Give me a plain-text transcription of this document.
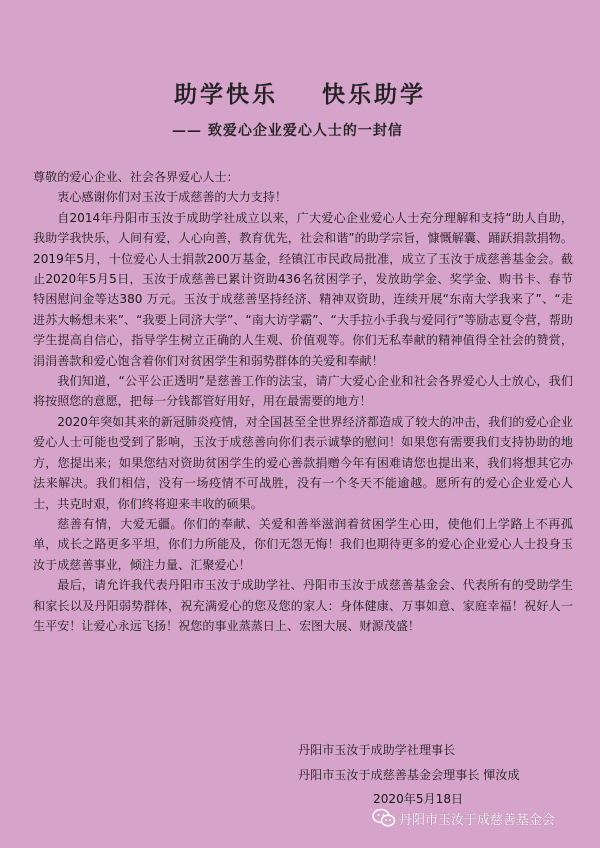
助学快乐    快乐助学
—— 致爱心企业爱心人士的一封信

尊敬的爱心企业、社会各界爱心人士：

衷心感谢你们对玉汝于成慈善的大力支持！

自2014年丹阳市玉汝于成助学社成立以来，广大爱心企业爱心人士充分理解和支持“助人自助，我助学我快乐，人间有爱，人心向善，教育优先，社会和谐”的助学宗旨，慷慨解囊、踊跃捐款捐物。2019年5月，十位爱心人士捐款200万基金，经镇江市民政局批准，成立了玉汝于成慈善基金会。截止2020年5月5日，玉汝于成慈善已累计资助436名贫困学子，发放助学金、奖学金、购书卡、春节特困慰问金等达380 万元。玉汝于成慈善坚持经济、精神双资助，连续开展“东南大学我来了”、“走进苏大畅想未来”、“我要上同济大学”、“南大访学霸”、“大手拉小手我与爱同行”等励志夏令营，帮助学生提高自信心，指导学生树立正确的人生观、价值观等。你们无私奉献的精神值得全社会的赞赏，涓涓善款和爱心饱含着你们对贫困学生和弱势群体的关爱和奉献！

我们知道，“公平公正透明”是慈善工作的法宝，请广大爱心企业和社会各界爱心人士放心，我们将按照您的意愿，把每一分钱都管好用好，用在最需要的地方！

2020年突如其来的新冠肺炎疫情，对全国甚至全世界经济都造成了较大的冲击，我们的爱心企业爱心人士可能也受到了影响，玉汝于成慈善向你们表示诚挚的慰问！如果您有需要我们支持协助的地方，您提出来；如果您结对资助贫困学生的爱心善款捐赠今年有困难请您也提出来，我们将想其它办法来解决。我们相信，没有一场疫情不可战胜，没有一个冬天不能逾越。愿所有的爱心企业爱心人士，共克时艰，你们终将迎来丰收的硕果。

慈善有情，大爱无疆。你们的奉献、关爱和善举滋润着贫困学生心田，使他们上学路上不再孤单，成长之路更多平坦，你们力所能及，你们无怨无悔！我们也期待更多的爱心企业爱心人士投身玉汝于成慈善事业，倾注力量、汇聚爱心！

最后，请允许我代表丹阳市玉汝于成助学社、丹阳市玉汝于成慈善基金会、代表所有的受助学生和家长以及丹阳弱势群体，祝充满爱心的您及您的家人：身体健康、万事如意、家庭幸福！祝好人一生平安！让爱心永远飞扬！祝您的事业蒸蒸日上、宏图大展、财源茂盛！

丹阳市玉汝于成助学社理事长
丹阳市玉汝于成慈善基金会理事长 惲汝成
2020年5月18日
丹阳市玉汝于成慈善基金会
